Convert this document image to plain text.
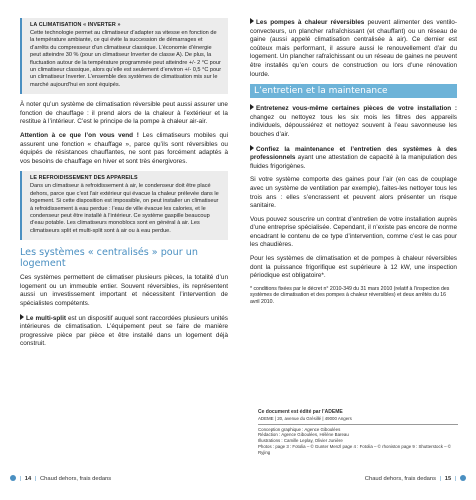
LA CLIMATISATION « INVERTER »

Cette technologie permet au climatiseur d’adapter sa vitesse en fonction de la température ambiante, ce qui évite la succession de démarrages et d’arrêts du compresseur d’un climatiseur classique. L’économie d’énergie peut atteindre 30 % (pour un climatiseur Inverter de classe A). De plus, la fluctuation autour de la température programmée peut atteindre +/- 2 °C pour un climatiseur classique, alors qu’elle est seulement d’environ +/- 0,5 °C pour un climatiseur Inverter. L’ensemble des systèmes de climatisation mis sur le marché aujourd’hui en sont équipés.

À noter qu’un système de climatisation réversible peut aussi assurer une fonction de chauffage : il prend alors de la chaleur à l’extérieur et la restitue à l’intérieur. C’est le principe de la pompe à chaleur air-air.

Attention à ce que l’on vous vend ! Les climatiseurs mobiles qui assurent une fonction « chauffage », parce qu’ils sont réversibles ou équipés de résistances chauffantes, ne sont pas forcément adaptés à vos besoins de chauffage en hiver et sont très énergivores.

LE REFROIDISSEMENT DES APPAREILS

Dans un climatiseur à refroidissement à air, le condenseur doit être placé dehors, parce que c’est l’air extérieur qui évacue la chaleur prélevée dans le logement. Si cette disposition est impossible, on peut installer un climatiseur à refroidissement à eau perdue : l’eau de ville évacue les calories, et le condenseur peut être installé à l’intérieur. Ce système gaspille beaucoup d’eau potable. Les climatiseurs monoblocs sont en général à air. Les climatiseurs split et multi-split sont à air ou à eau perdue.

Les systèmes « centralisés » pour un logement

Ces systèmes permettent de climatiser plusieurs pièces, la totalité d’un logement ou un immeuble entier. Souvent réversibles, ils représentent aussi un investissement important et nécessitent l’intervention de spécialistes compétents.

Le multi-split est un dispositif auquel sont raccordées plusieurs unités intérieures de climatisation. L’équipement peut se faire de manière progressive pièce par pièce et être installé dans un logement déjà construit.

Les pompes à chaleur réversibles peuvent alimenter des ventilo-convecteurs, un plancher rafraîchissant (et chauffant) ou un réseau de gaine (aussi appelé climatisation centralisée à air). Ce dernier est coûteux mais performant, il assure aussi le renouvellement d’air du logement. Un plancher rafraîchissant ou un réseau de gaines ne peuvent être installés qu’en cours de construction ou lors d’une rénovation lourde.

L’entretien et la maintenance

Entretenez vous-même certaines pièces de votre installation : changez ou nettoyez tous les six mois les filtres des appareils individuels, dépoussiérez et nettoyez souvent à l’eau savonneuse les bouches d’air.

Confiez la maintenance et l’entretien des systèmes à des professionnels ayant une attestation de capacité à la manipulation des fluides frigorigènes.

Si votre système comporte des gaines pour l’air (en cas de couplage avec un système de ventilation par exemple), faites-les nettoyer tous les trois ans : elles s’encrassent et peuvent alors présenter un risque sanitaire.

Vous pouvez souscrire un contrat d’entretien de votre installation auprès d’une entreprise spécialisée. Cependant, il n’existe pas encore de norme encadrant le contenu de ce type d’intervention, comme c’est le cas pour les chaudières.

Pour les systèmes de climatisation et de pompes à chaleur réversibles dont la puissance frigorifique est supérieure à 12 kW, une inspection périodique est obligatoire*.

* conditions fixées par le décret n° 2010-349 du 31 mars 2010 (relatif à l’inspection des systèmes de climatisation et des pompes à chaleur réversibles) et deux arrêtés du 16 avril 2010.

Ce document est édité par l’ADEME
ADEME | 20, avenue du Grésillé | 49000 Angers
Conception graphique : Agence Giboulées
Rédaction : Agence Giboulées, Hélène Bareau
Illustrations : Camille Leplay, Olivier Junière
Photos : page 3 : Fotolia – © Gunter Menzl page 4 : Fotolia – © rhoniston page 9 : Shutterstock – © Ryjing
| 14 | Chaud dehors, frais dedans	Chaud dehors, frais dedans | 15 |
